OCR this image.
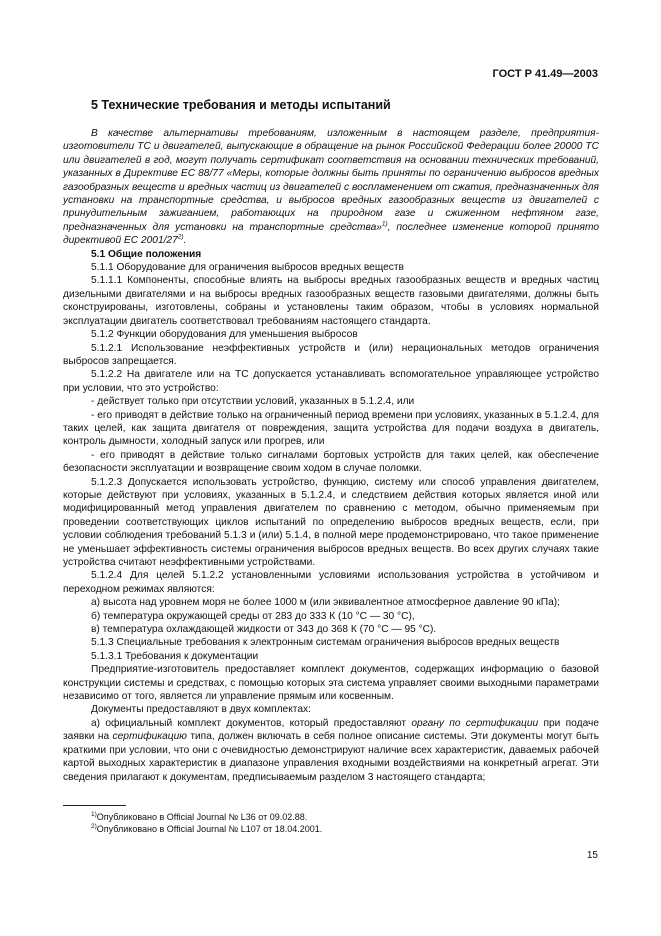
ГОСТ Р 41.49—2003
5 Технические требования и методы испытаний

В качестве альтернативы требованиям, изложенным в настоящем разделе, предприятия-изготовители ТС и двигателей, выпускающие в обращение на рынок Российской Федерации более 20000 ТС или двигателей в год, могут получать сертификат соответствия на основании технических требований, указанных в Директиве ЕС 88/77 «Меры, которые должны быть приняты по ограничению выбросов вредных газообразных веществ и вредных частиц из двигателей с воспламенением от сжатия, предназначенных для установки на транспортные средства, и выбросов вредных газообразных веществ из двигателей с принудительным зажиганием, работающих на природном газе и сжиженном нефтяном газе, предназначенных для установки на транспортные средства»$^{1)}$, последнее изменение которой принято директивой ЕС 2001/27$^{2)}$.

5.1 Общие положения

5.1.1 Оборудование для ограничения выбросов вредных веществ

5.1.1.1 Компоненты, способные влиять на выбросы вредных газообразных веществ и вредных частиц дизельными двигателями и на выбросы вредных газообразных веществ газовыми двигателями, должны быть сконструированы, изготовлены, собраны и установлены таким образом, чтобы в условиях нормальной эксплуатации двигатель соответствовал требованиям настоящего стандарта.

5.1.2 Функции оборудования для уменьшения выбросов

5.1.2.1 Использование неэффективных устройств и (или) нерациональных методов ограничения выбросов запрещается.

5.1.2.2 На двигателе или на ТС допускается устанавливать вспомогательное управляющее устройство при условии, что это устройство:

- действует только при отсутствии условий, указанных в 5.1.2.4, или

- его приводят в действие только на ограниченный период времени при условиях, указанных в 5.1.2.4, для таких целей, как защита двигателя от повреждения, защита устройства для подачи воздуха в двигатель, контроль дымности, холодный запуск или прогрев, или

- его приводят в действие только сигналами бортовых устройств для таких целей, как обеспечение безопасности эксплуатации и возвращение своим ходом в случае поломки.

5.1.2.3 Допускается использовать устройство, функцию, систему или способ управления двигателем, которые действуют при условиях, указанных в 5.1.2.4, и следствием действия которых является иной или модифицированный метод управления двигателем по сравнению с методом, обычно применяемым при проведении соответствующих циклов испытаний по определению выбросов вредных веществ, если, при условии соблюдения требований 5.1.3 и (или) 5.1.4, в полной мере продемонстрировано, что такое применение не уменьшает эффективность системы ограничения выбросов вредных веществ. Во всех других случаях такие устройства считают неэффективными устройствами.

5.1.2.4 Для целей 5.1.2.2 установленными условиями использования устройства в устойчивом и переходном режимах являются:

а) высота над уровнем моря не более 1000 м (или эквивалентное атмосферное давление 90 кПа);

б) температура окружающей среды от 283 до 333 К (10 °С — 30 °С),

в) температура охлаждающей жидкости от 343 до 368 К (70 °С — 95 °С).

5.1.3 Специальные требования к электронным системам ограничения выбросов вредных веществ

5.1.3.1 Требования к документации

Предприятие-изготовитель предоставляет комплект документов, содержащих информацию о базовой конструкции системы и средствах, с помощью которых эта система управляет своими выходными параметрами независимо от того, является ли управление прямым или косвенным.

Документы предоставляют в двух комплектах:

а) официальный комплект документов, который предоставляют органу по сертификации при подаче заявки на сертификацию типа, должен включать в себя полное описание системы. Эти документы могут быть краткими при условии, что они с очевидностью демонстрируют наличие всех характеристик, даваемых рабочей картой выходных характеристик в диапазоне управления входными воздействиями на конкретный агрегат. Эти сведения прилагают к документам, предписываемым разделом 3 настоящего стандарта;

$^{1)}$Опубликовано в Official Journal № L36 от 09.02.88.
$^{2)}$Опубликовано в Official Journal № L107 от 18.04.2001.
15
